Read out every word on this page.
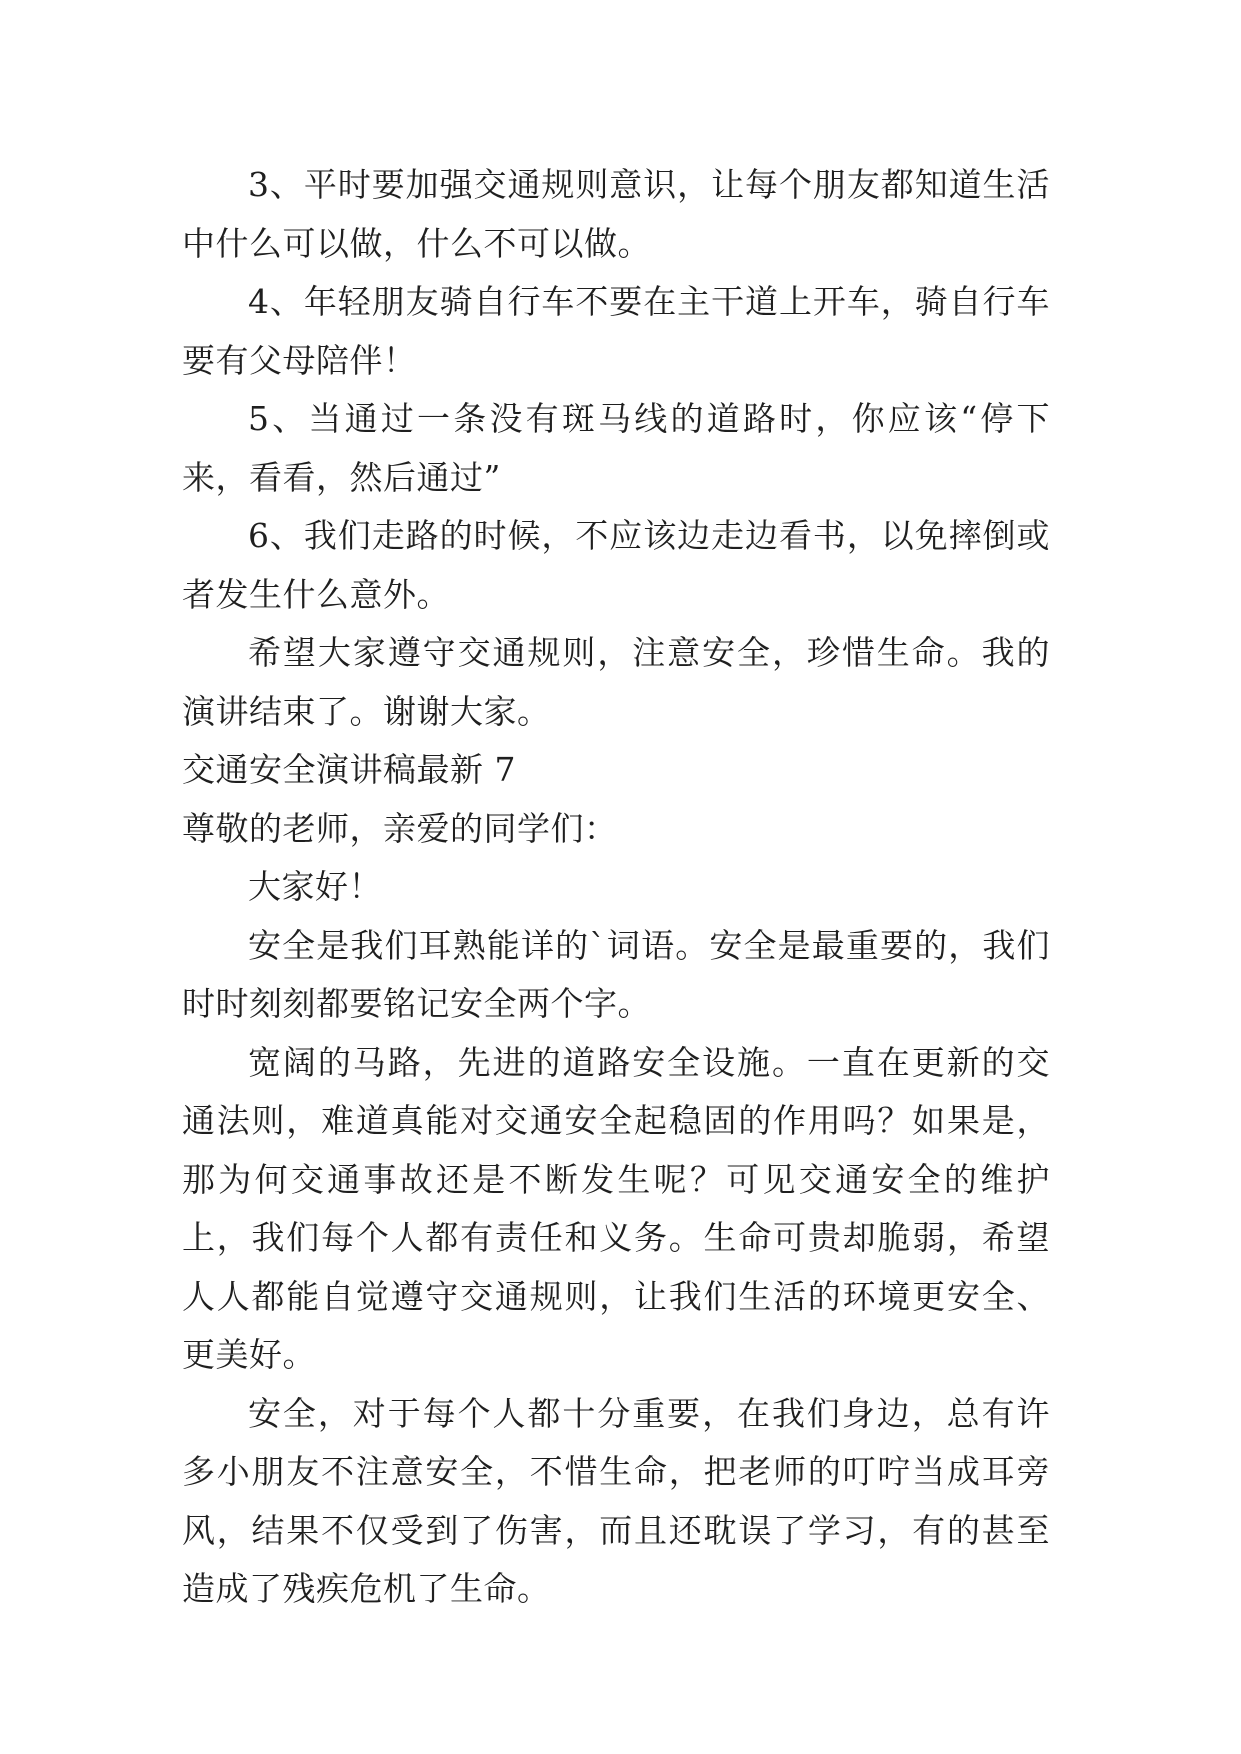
3、平时要加强交通规则意识，让每个朋友都知道生活中什么可以做，什么不可以做。

4、年轻朋友骑自行车不要在主干道上开车，骑自行车要有父母陪伴！

5、当通过一条没有斑马线的道路时，你应该“停下来，看看，然后通过”

6、我们走路的时候，不应该边走边看书，以免摔倒或者发生什么意外。

希望大家遵守交通规则，注意安全，珍惜生命。我的演讲结束了。谢谢大家。

交通安全演讲稿最新 7

尊敬的老师，亲爱的同学们：

大家好！

安全是我们耳熟能详的`词语。安全是最重要的，我们时时刻刻都要铭记安全两个字。

宽阔的马路，先进的道路安全设施。一直在更新的交通法则，难道真能对交通安全起稳固的作用吗？如果是，那为何交通事故还是不断发生呢？可见交通安全的维护上，我们每个人都有责任和义务。生命可贵却脆弱，希望人人都能自觉遵守交通规则，让我们生活的环境更安全、更美好。

安全，对于每个人都十分重要，在我们身边，总有许多小朋友不注意安全，不惜生命，把老师的叮咛当成耳旁风，结果不仅受到了伤害，而且还耽误了学习，有的甚至造成了残疾危机了生命。
